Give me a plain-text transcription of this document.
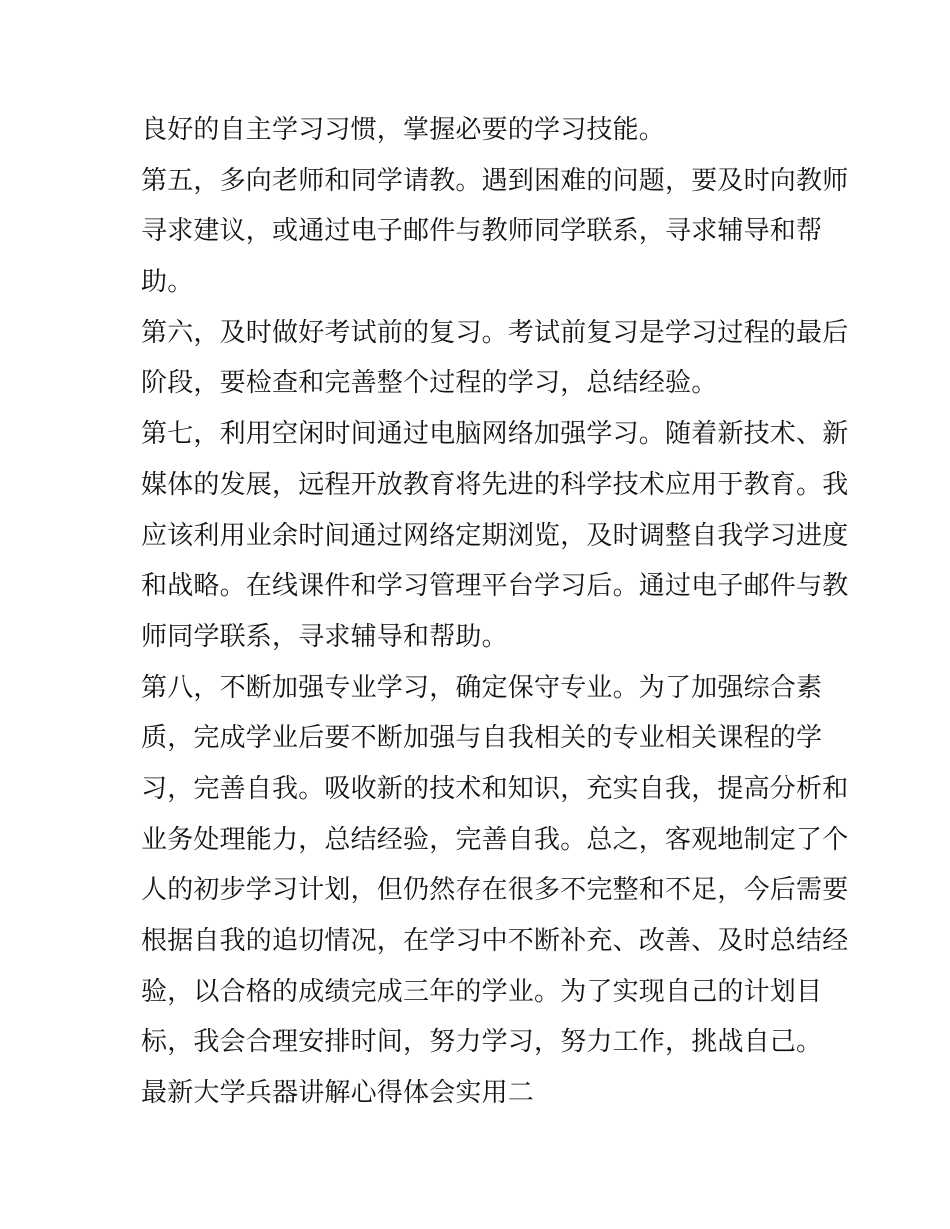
良好的自主学习习惯，掌握必要的学习技能。
第五，多向老师和同学请教。遇到困难的问题，要及时向教师
寻求建议，或通过电子邮件与教师同学联系，寻求辅导和帮
助。
第六，及时做好考试前的复习。考试前复习是学习过程的最后
阶段，要检查和完善整个过程的学习，总结经验。
第七，利用空闲时间通过电脑网络加强学习。随着新技术、新
媒体的发展，远程开放教育将先进的科学技术应用于教育。我
应该利用业余时间通过网络定期浏览，及时调整自我学习进度
和战略。在线课件和学习管理平台学习后。通过电子邮件与教
师同学联系，寻求辅导和帮助。
第八，不断加强专业学习，确定保守专业。为了加强综合素
质，完成学业后要不断加强与自我相关的专业相关课程的学
习，完善自我。吸收新的技术和知识，充实自我，提高分析和
业务处理能力，总结经验，完善自我。总之，客观地制定了个
人的初步学习计划，但仍然存在很多不完整和不足，今后需要
根据自我的追切情况，在学习中不断补充、改善、及时总结经
验，以合格的成绩完成三年的学业。为了实现自己的计划目
标，我会合理安排时间，努力学习，努力工作，挑战自己。
最新大学兵器讲解心得体会实用二
